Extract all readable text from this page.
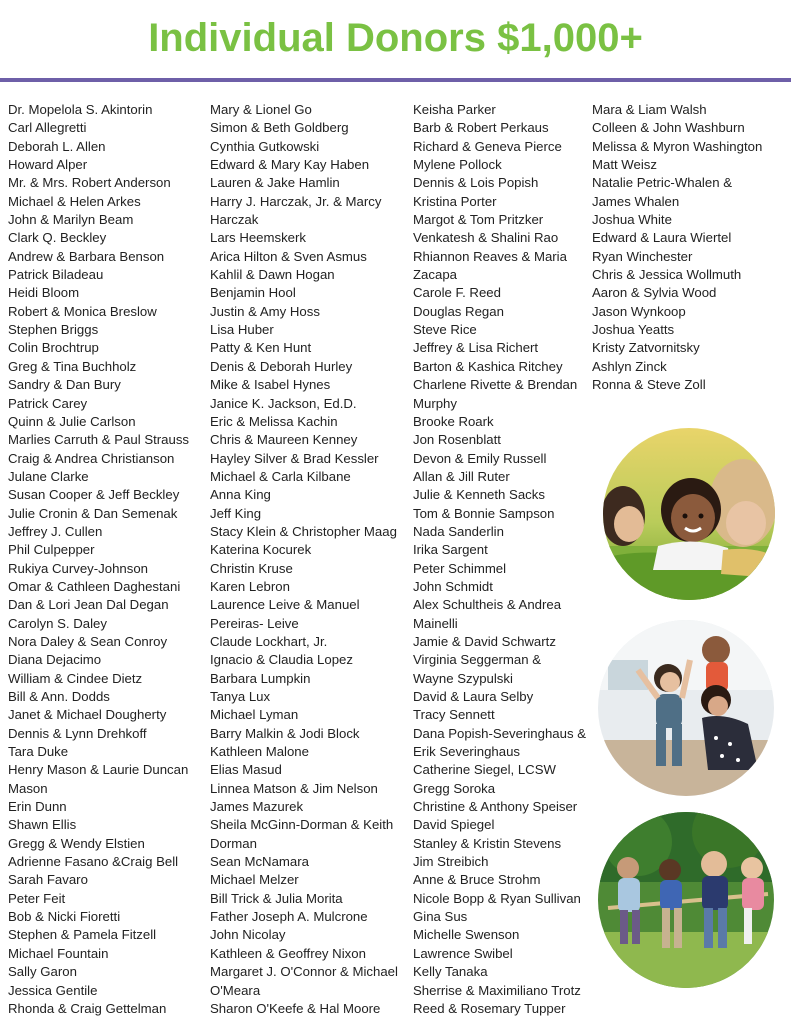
Individual Donors $1,000+
Dr. Mopelola S. Akintorin
Carl Allegretti
Deborah L. Allen
Howard Alper
Mr. & Mrs. Robert Anderson
Michael & Helen Arkes
John & Marilyn Beam
Clark Q. Beckley
Andrew & Barbara Benson
Patrick Biladeau
Heidi Bloom
Robert & Monica Breslow
Stephen Briggs
Colin Brochtrup
Greg & Tina Buchholz
Sandry & Dan Bury
Patrick Carey
Quinn & Julie Carlson
Marlies Carruth & Paul Strauss
Craig & Andrea Christianson
Julane Clarke
Susan Cooper & Jeff Beckley
Julie Cronin & Dan Semenak
Jeffrey J. Cullen
Phil Culpepper
Rukiya Curvey-Johnson
Omar & Cathleen Daghestani
Dan & Lori Jean Dal Degan
Carolyn S. Daley
Nora Daley & Sean Conroy
Diana Dejacimo
William & Cindee Dietz
Bill & Ann. Dodds
Janet & Michael Dougherty
Dennis & Lynn Drehkoff
Tara Duke
Henry Mason & Laurie Duncan
Mason
Erin Dunn
Shawn Ellis
Gregg & Wendy Elstien
Adrienne Fasano &Craig Bell
Sarah Favaro
Peter Feit
Bob & Nicki Fioretti
Stephen & Pamela Fitzell
Michael Fountain
Sally Garon
Jessica Gentile
Rhonda & Craig Gettelman
Mary & Lionel Go
Simon & Beth Goldberg
Cynthia Gutkowski
Edward & Mary Kay Haben
Lauren & Jake Hamlin
Harry J. Harczak, Jr. & Marcy
Harczak
Lars Heemskerk
Arica Hilton & Sven Asmus
Kahlil & Dawn Hogan
Benjamin Hool
Justin & Amy Hoss
Lisa Huber
Patty & Ken Hunt
Denis & Deborah Hurley
Mike & Isabel Hynes
Janice K. Jackson, Ed.D.
Eric & Melissa Kachin
Chris & Maureen Kenney
Hayley Silver & Brad Kessler
Michael & Carla Kilbane
Anna King
Jeff King
Stacy Klein & Christopher Maag
Katerina Kocurek
Christin Kruse
Karen Lebron
Laurence Leive & Manuel
Pereiras- Leive
Claude Lockhart, Jr.
Ignacio & Claudia Lopez
Barbara Lumpkin
Tanya Lux
Michael Lyman
Barry Malkin & Jodi Block
Kathleen Malone
Elias Masud
Linnea Matson & Jim Nelson
James Mazurek
Sheila McGinn-Dorman & Keith
Dorman
Sean McNamara
Michael Melzer
Bill Trick & Julia Morita
Father Joseph A. Mulcrone
John Nicolay
Kathleen & Geoffrey Nixon
Margaret J. O'Connor & Michael
O'Meara
Sharon O'Keefe & Hal Moore
Keisha Parker
Barb & Robert Perkaus
Richard & Geneva Pierce
Mylene Pollock
Dennis & Lois Popish
Kristina Porter
Margot & Tom Pritzker
Venkatesh & Shalini Rao
Rhiannon Reaves & Maria
Zacapa
Carole F. Reed
Douglas Regan
Steve Rice
Jeffrey & Lisa Richert
Barton & Kashica Ritchey
Charlene Rivette & Brendan
Murphy
Brooke Roark
Jon Rosenblatt
Devon & Emily Russell
Allan & Jill Ruter
Julie & Kenneth Sacks
Tom & Bonnie Sampson
Nada Sanderlin
Irika Sargent
Peter Schimmel
John Schmidt
Alex Schultheis & Andrea
Mainelli
Jamie & David Schwartz
Virginia Seggerman &
Wayne Szypulski
David & Laura Selby
Tracy Sennett
Dana Popish-Severinghaus &
Erik Severinghaus
Catherine Siegel, LCSW
Gregg Soroka
Christine & Anthony Speiser
David Spiegel
Stanley & Kristin Stevens
Jim Streibich
Anne & Bruce Strohm
Nicole Bopp & Ryan Sullivan
Gina Sus
Michelle Swenson
Lawrence Swibel
Kelly Tanaka
Sherrise & Maximiliano Trotz
Reed & Rosemary Tupper
Mara & Liam Walsh
Colleen & John Washburn
Melissa & Myron Washington
Matt Weisz
Natalie Petric-Whalen &
James Whalen
Joshua White
Edward & Laura Wiertel
Ryan Winchester
Chris & Jessica Wollmuth
Aaron & Sylvia Wood
Jason Wynkoop
Joshua Yeatts
Kristy Zatvornitsky
Ashlyn Zinck
Ronna & Steve Zoll
